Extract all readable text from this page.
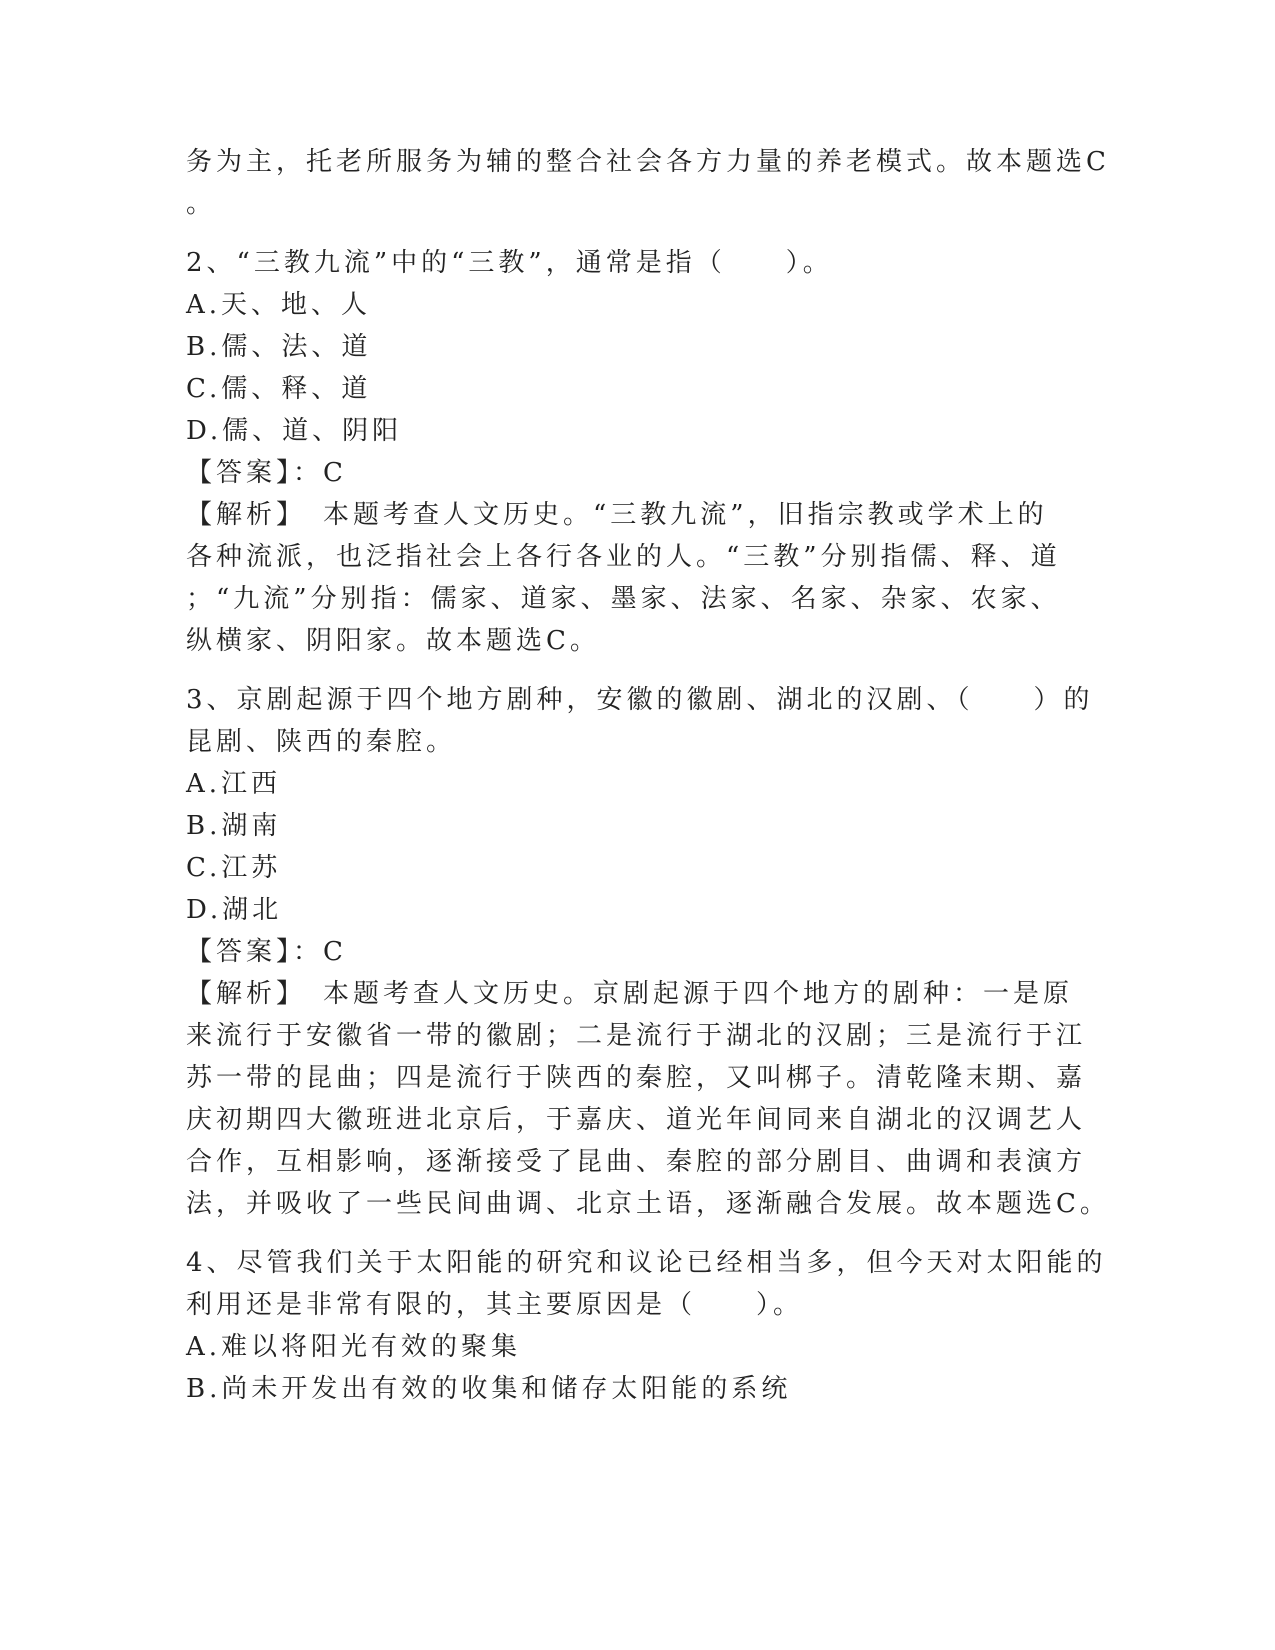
务为主，托老所服务为辅的整合社会各方力量的养老模式。故本题选C
。
2、“三教九流”中的“三教”，通常是指（　　）。
A.天、地、人
B.儒、法、道
C.儒、释、道
D.儒、道、阴阳
【答案】：C
【解析】　本题考查人文历史。“三教九流”，旧指宗教或学术上的
各种流派，也泛指社会上各行各业的人。“三教”分别指儒、释、道
；“九流”分别指：儒家、道家、墨家、法家、名家、杂家、农家、
纵横家、阴阳家。故本题选C。
3、京剧起源于四个地方剧种，安徽的徽剧、湖北的汉剧、（　　）的
昆剧、陕西的秦腔。
A.江西
B.湖南
C.江苏
D.湖北
【答案】：C
【解析】　本题考查人文历史。京剧起源于四个地方的剧种：一是原
来流行于安徽省一带的徽剧；二是流行于湖北的汉剧；三是流行于江
苏一带的昆曲；四是流行于陕西的秦腔，又叫梆子。清乾隆末期、嘉
庆初期四大徽班进北京后，于嘉庆、道光年间同来自湖北的汉调艺人
合作，互相影响，逐渐接受了昆曲、秦腔的部分剧目、曲调和表演方
法，并吸收了一些民间曲调、北京土语，逐渐融合发展。故本题选C。
4、尽管我们关于太阳能的研究和议论已经相当多，但今天对太阳能的
利用还是非常有限的，其主要原因是（　　）。
A.难以将阳光有效的聚集
B.尚未开发出有效的收集和储存太阳能的系统
